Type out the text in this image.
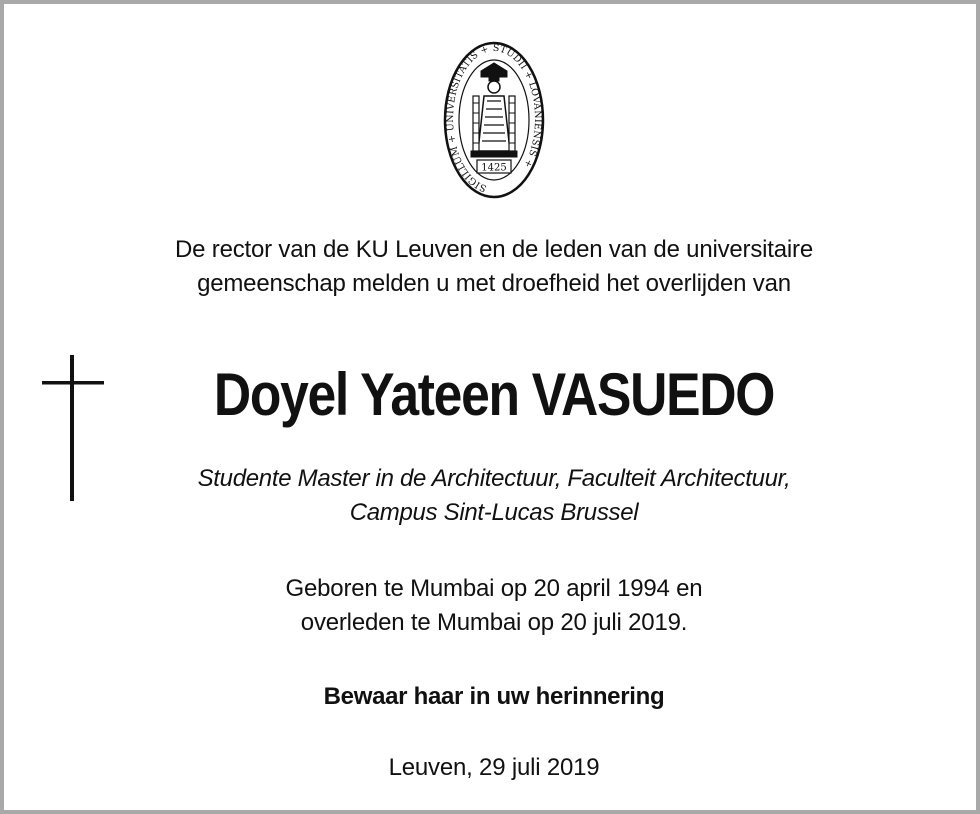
SIGILLUM + UNIVERSITATIS + STUDII + LOVANIENSIS +
1425
De rector van de KU Leuven en de leden van de universitaire
gemeenschap melden u met droefheid het overlijden van
Doyel Yateen VASUEDO
Studente Master in de Architectuur, Faculteit Architectuur,
Campus Sint-Lucas Brussel
Geboren te Mumbai op 20 april 1994 en
overleden te Mumbai op 20 juli 2019.
Bewaar haar in uw herinnering
Leuven, 29 juli 2019
